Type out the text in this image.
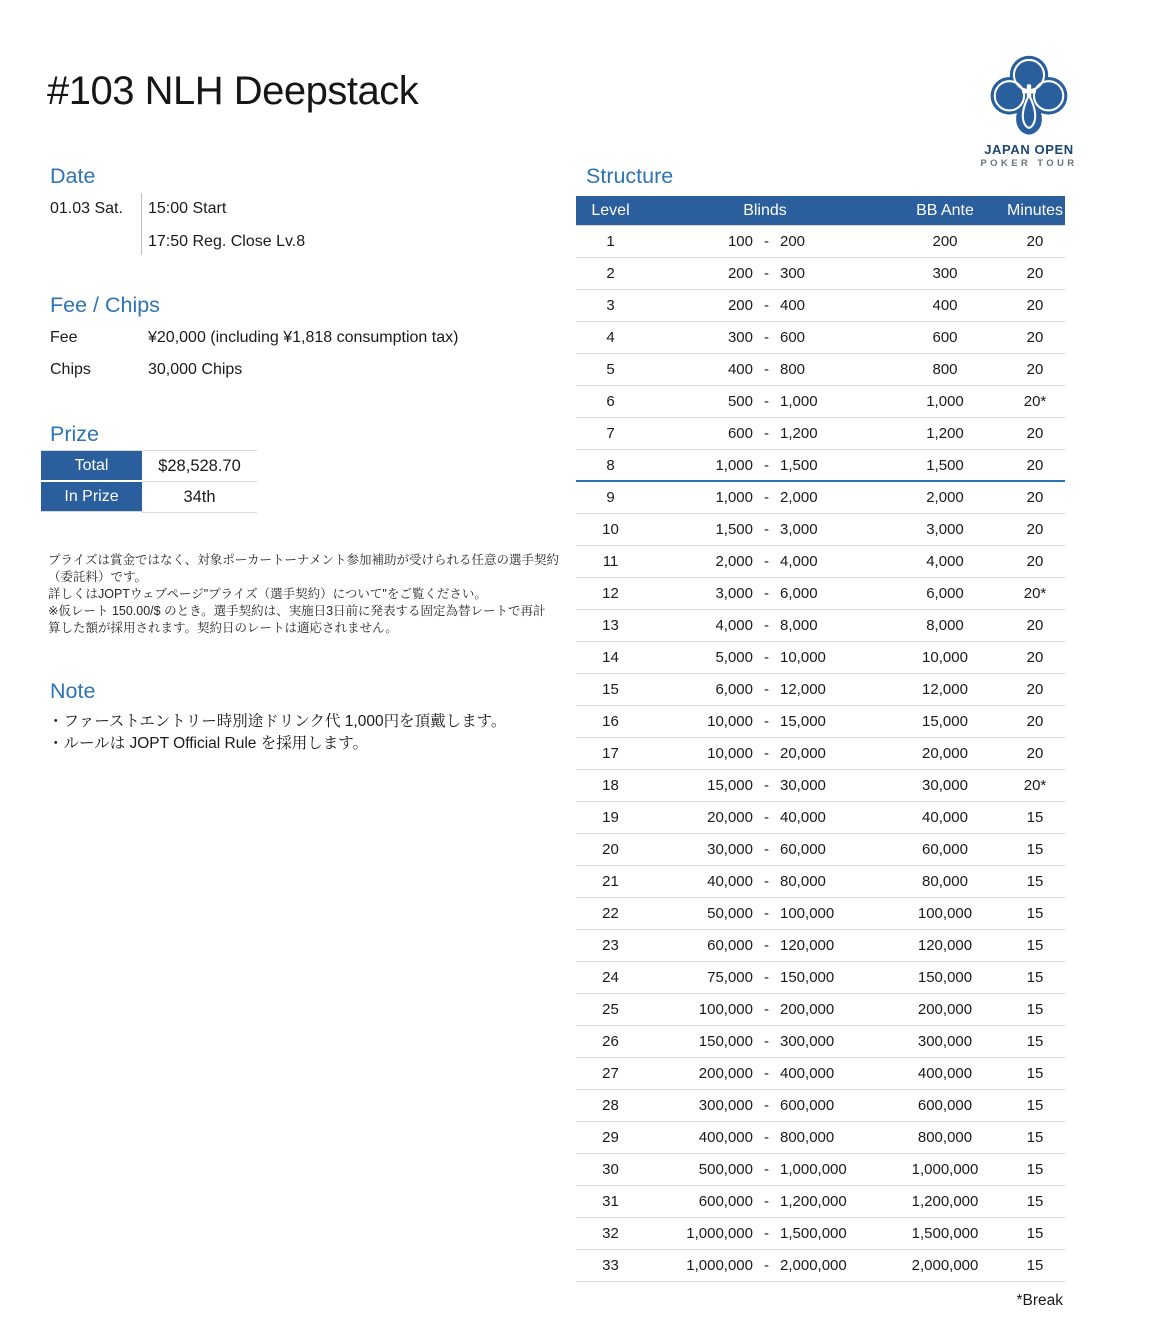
#103 NLH Deepstack
JAPAN OPEN
POKER TOUR
Date
01.03 Sat. 15:00 Start
17:50 Reg. Close Lv.8
Fee / Chips
Fee	¥20,000 (including ¥1,818 consumption tax)
Chips	30,000 Chips
Prize
Total	$28,528.70
In Prize	34th
プライズは賞金ではなく、対象ポーカートーナメント参加補助が受けられる任意の選手契約
（委託料）です。
詳しくはJOPTウェブページ"プライズ（選手契約）について"をご覧ください。
※仮レート 150.00/$ のとき。選手契約は、実施日3日前に発表する固定為替レートで再計
算した額が採用されます。契約日のレートは適応されません。
Note
・ファーストエントリー時別途ドリンク代 1,000円を頂戴します。
・ルールは JOPT Official Rule を採用します。
Structure
Level	Blinds	BB Ante	Minutes
1	100 - 200	200	20
2	200 - 300	300	20
3	200 - 400	400	20
4	300 - 600	600	20
5	400 - 800	800	20
6	500 - 1,000	1,000	20*
7	600 - 1,200	1,200	20
8	1,000 - 1,500	1,500	20
9	1,000 - 2,000	2,000	20
10	1,500 - 3,000	3,000	20
11	2,000 - 4,000	4,000	20
12	3,000 - 6,000	6,000	20*
13	4,000 - 8,000	8,000	20
14	5,000 - 10,000	10,000	20
15	6,000 - 12,000	12,000	20
16	10,000 - 15,000	15,000	20
17	10,000 - 20,000	20,000	20
18	15,000 - 30,000	30,000	20*
19	20,000 - 40,000	40,000	15
20	30,000 - 60,000	60,000	15
21	40,000 - 80,000	80,000	15
22	50,000 - 100,000	100,000	15
23	60,000 - 120,000	120,000	15
24	75,000 - 150,000	150,000	15
25	100,000 - 200,000	200,000	15
26	150,000 - 300,000	300,000	15
27	200,000 - 400,000	400,000	15
28	300,000 - 600,000	600,000	15
29	400,000 - 800,000	800,000	15
30	500,000 - 1,000,000	1,000,000	15
31	600,000 - 1,200,000	1,200,000	15
32	1,000,000 - 1,500,000	1,500,000	15
33	1,000,000 - 2,000,000	2,000,000	15
*Break
